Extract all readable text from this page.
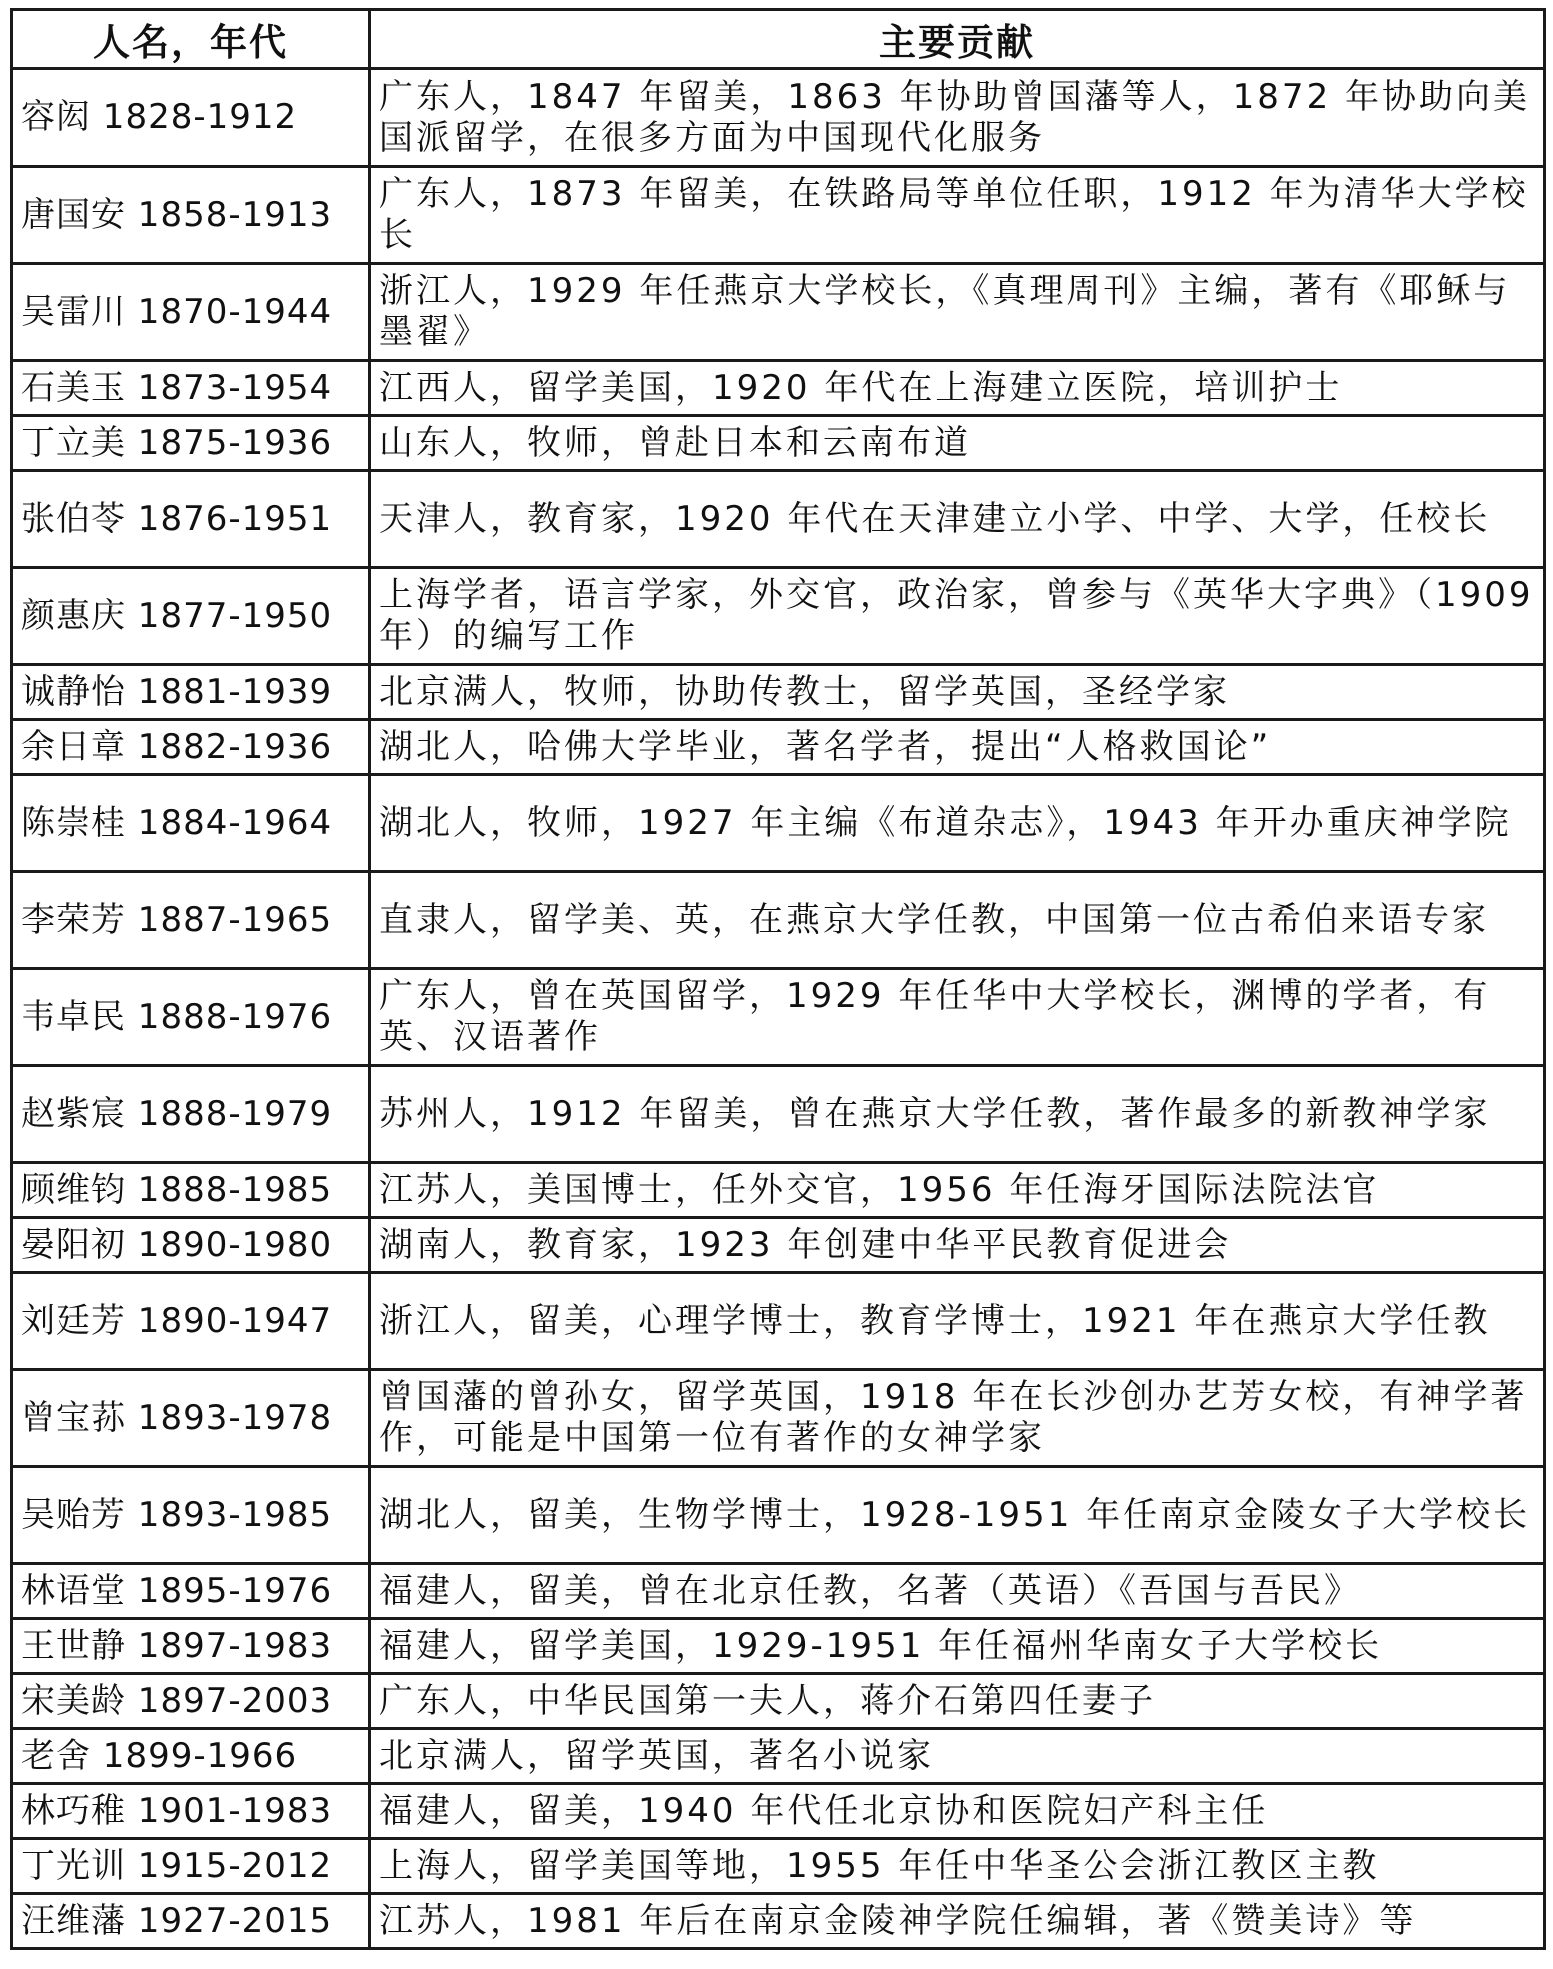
人名，年代	主要贡献
容闳 1828-1912	广东人，1847 年留美，1863 年协助曾国藩等人，1872 年协助向美国派留学，在很多方面为中国现代化服务
唐国安 1858-1913	广东人，1873 年留美，在铁路局等单位任职，1912 年为清华大学校长
吴雷川 1870-1944	浙江人，1929 年任燕京大学校长，《真理周刊》主编，著有《耶稣与墨翟》
石美玉 1873-1954	江西人，留学美国，1920 年代在上海建立医院，培训护士
丁立美 1875-1936	山东人，牧师，曾赴日本和云南布道
张伯苓 1876-1951	天津人，教育家，1920 年代在天津建立小学、中学、大学，任校长
颜惠庆 1877-1950	上海学者，语言学家，外交官，政治家，曾参与《英华大字典》（1909 年）的编写工作
诚静怡 1881-1939	北京满人，牧师，协助传教士，留学英国，圣经学家
余日章 1882-1936	湖北人，哈佛大学毕业，著名学者，提出“人格救国论”
陈崇桂 1884-1964	湖北人，牧师，1927 年主编《布道杂志》，1943 年开办重庆神学院
李荣芳 1887-1965	直隶人，留学美、英，在燕京大学任教，中国第一位古希伯来语专家
韦卓民 1888-1976	广东人，曾在英国留学，1929 年任华中大学校长，渊博的学者，有英、汉语著作
赵紫宸 1888-1979	苏州人，1912 年留美，曾在燕京大学任教，著作最多的新教神学家
顾维钧 1888-1985	江苏人，美国博士，任外交官，1956 年任海牙国际法院法官
晏阳初 1890-1980	湖南人，教育家，1923 年创建中华平民教育促进会
刘廷芳 1890-1947	浙江人，留美，心理学博士，教育学博士，1921 年在燕京大学任教
曾宝荪 1893-1978	曾国藩的曾孙女，留学英国，1918 年在长沙创办艺芳女校，有神学著作，可能是中国第一位有著作的女神学家
吴贻芳 1893-1985	湖北人，留美，生物学博士，1928-1951 年任南京金陵女子大学校长
林语堂 1895-1976	福建人，留美，曾在北京任教，名著（英语）《吾国与吾民》
王世静 1897-1983	福建人，留学美国，1929-1951 年任福州华南女子大学校长
宋美龄 1897-2003	广东人，中华民国第一夫人，蒋介石第四任妻子
老舍 1899-1966	北京满人，留学英国，著名小说家
林巧稚 1901-1983	福建人，留美，1940 年代任北京协和医院妇产科主任
丁光训 1915-2012	上海人，留学美国等地，1955 年任中华圣公会浙江教区主教
汪维藩 1927-2015	江苏人，1981 年后在南京金陵神学院任编辑，著《赞美诗》等
